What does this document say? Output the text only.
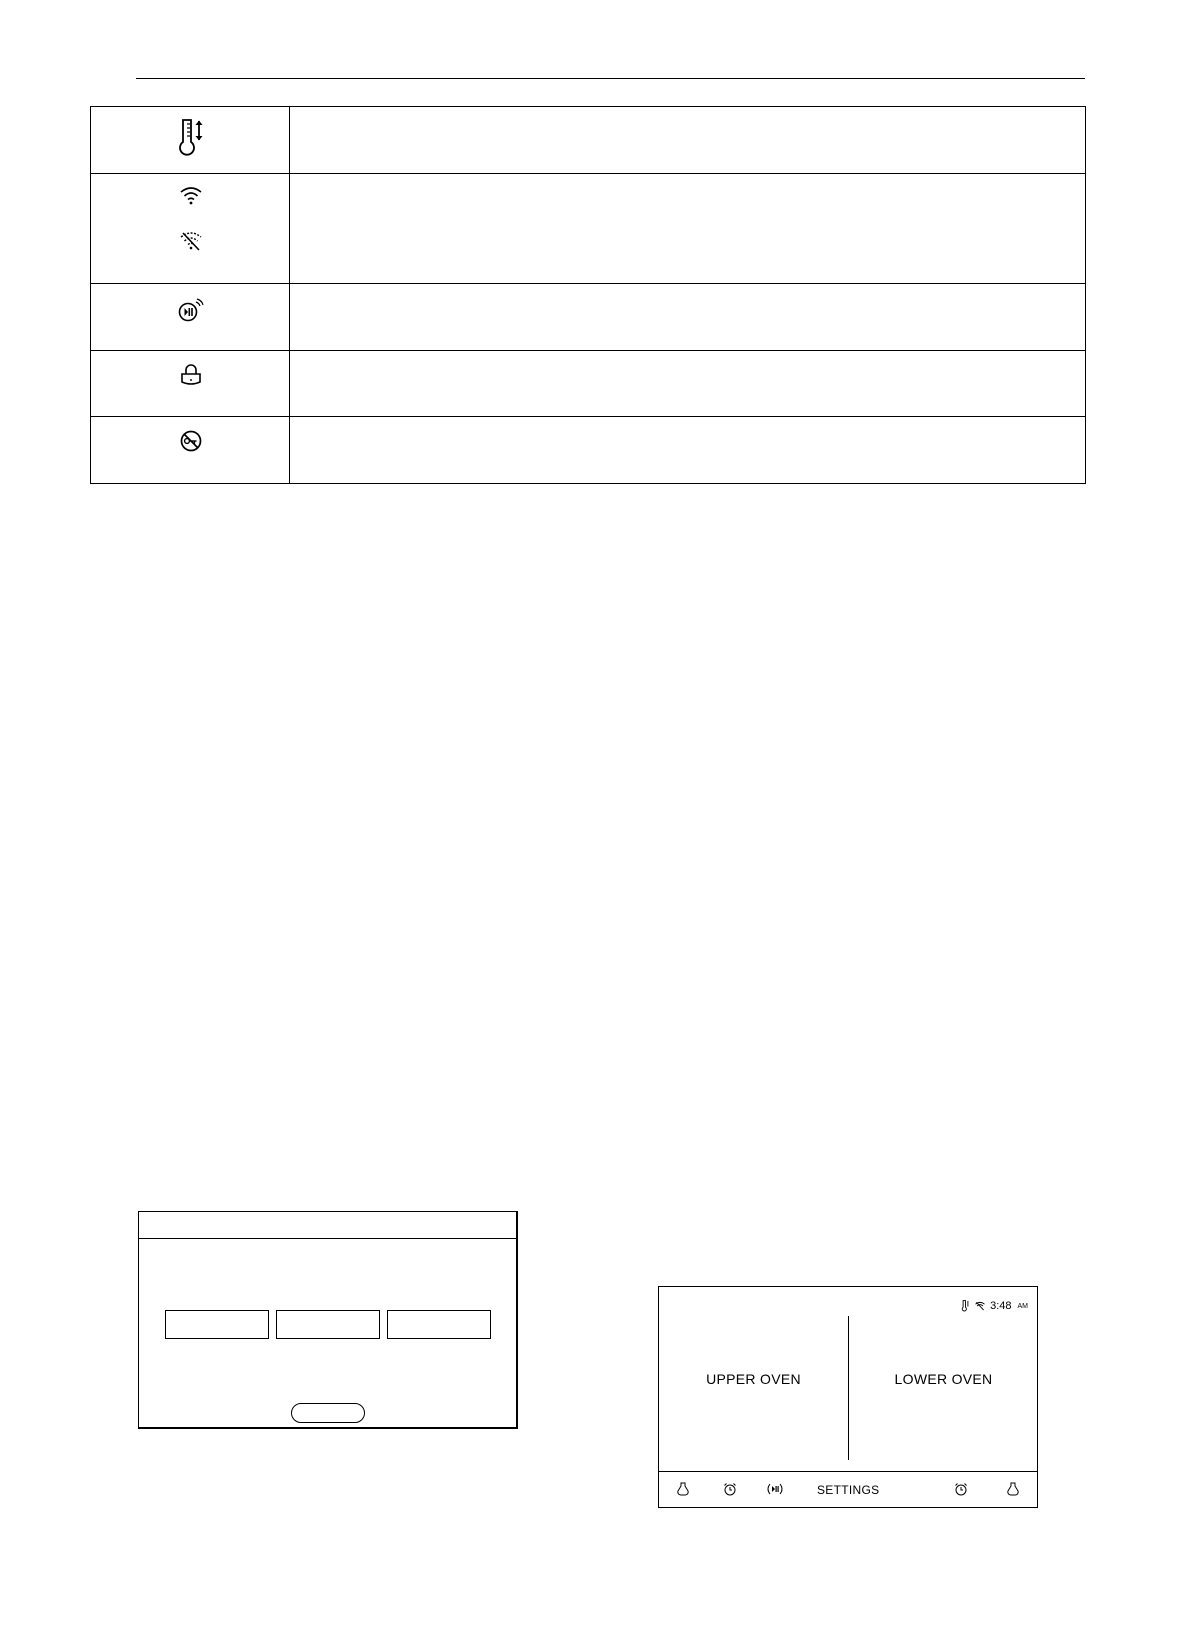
3:48 AM
UPPER OVEN	LOWER OVEN
SETTINGS
